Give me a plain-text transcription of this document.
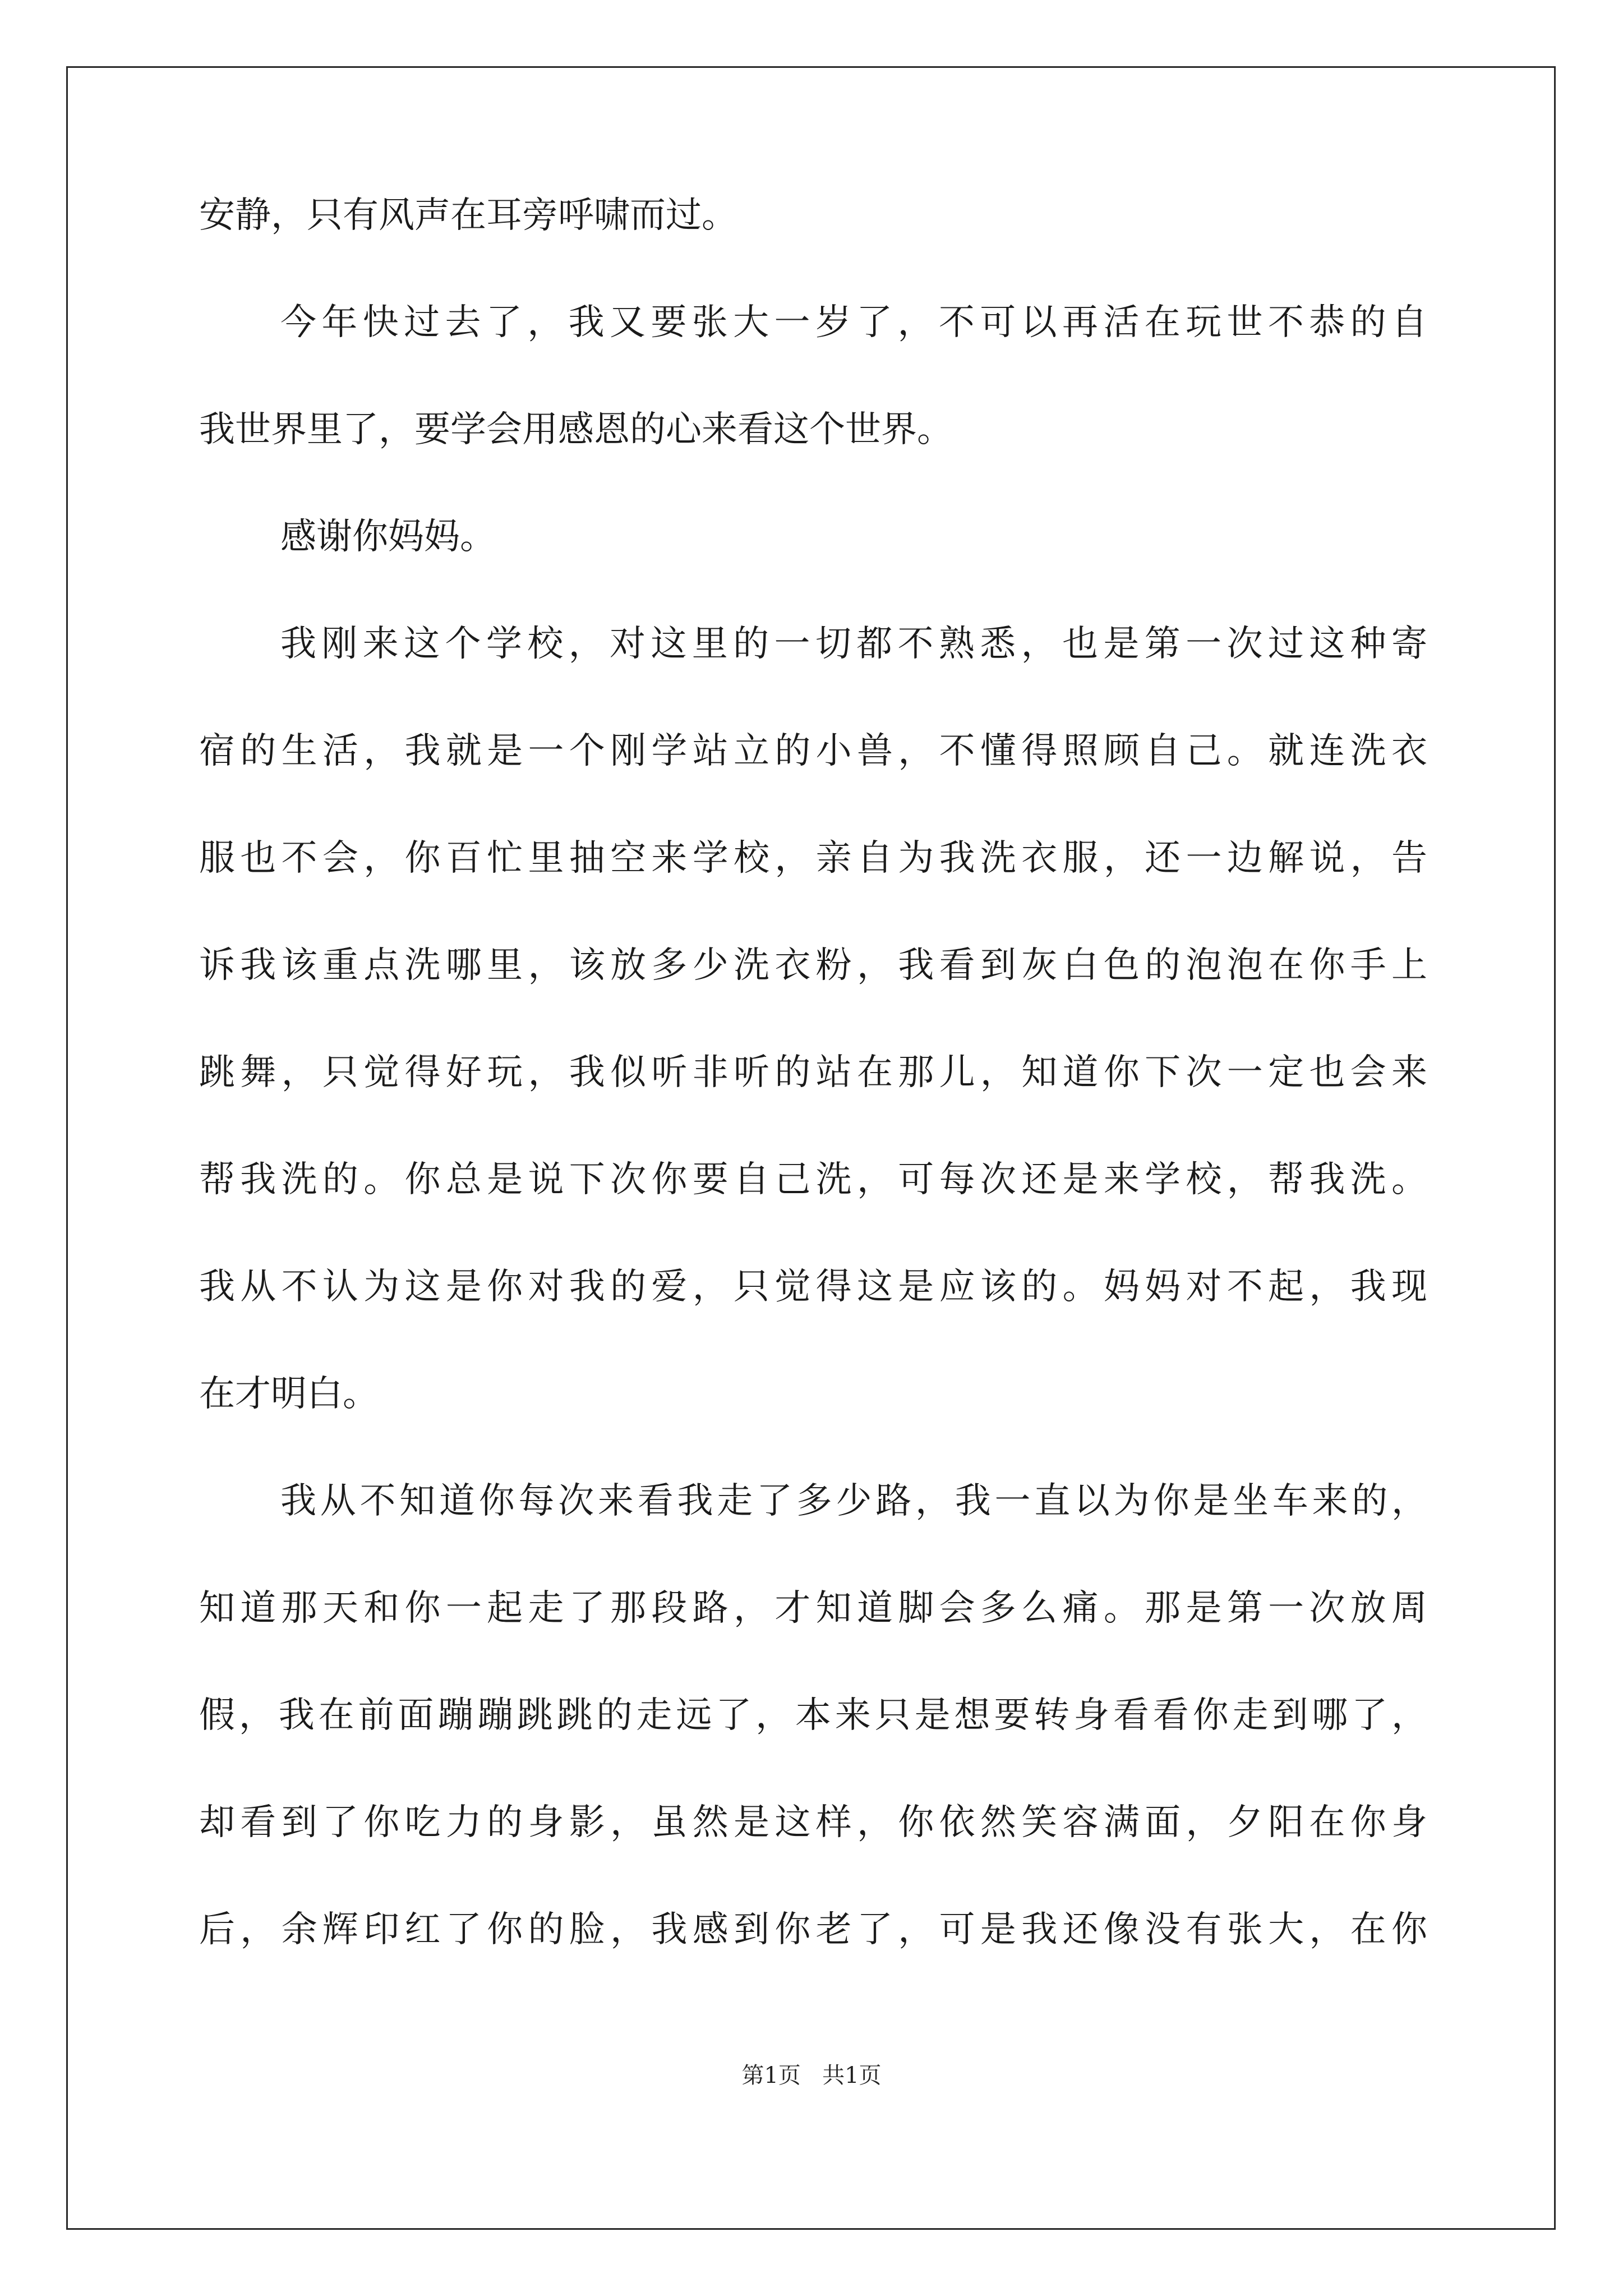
安静，只有风声在耳旁呼啸而过。
今年快过去了，我又要张大一岁了，不可以再活在玩世不恭的自
我世界里了，要学会用感恩的心来看这个世界。
感谢你妈妈。
我刚来这个学校，对这里的一切都不熟悉，也是第一次过这种寄
宿的生活，我就是一个刚学站立的小兽，不懂得照顾自己。就连洗衣
服也不会，你百忙里抽空来学校，亲自为我洗衣服，还一边解说，告
诉我该重点洗哪里，该放多少洗衣粉，我看到灰白色的泡泡在你手上
跳舞，只觉得好玩，我似听非听的站在那儿，知道你下次一定也会来
帮我洗的。你总是说下次你要自己洗，可每次还是来学校，帮我洗。
我从不认为这是你对我的爱，只觉得这是应该的。妈妈对不起，我现
在才明白。
我从不知道你每次来看我走了多少路，我一直以为你是坐车来的，
知道那天和你一起走了那段路，才知道脚会多么痛。那是第一次放周
假，我在前面蹦蹦跳跳的走远了，本来只是想要转身看看你走到哪了，
却看到了你吃力的身影，虽然是这样，你依然笑容满面，夕阳在你身
后，余辉印红了你的脸，我感到你老了，可是我还像没有张大，在你
第1页 共1页
